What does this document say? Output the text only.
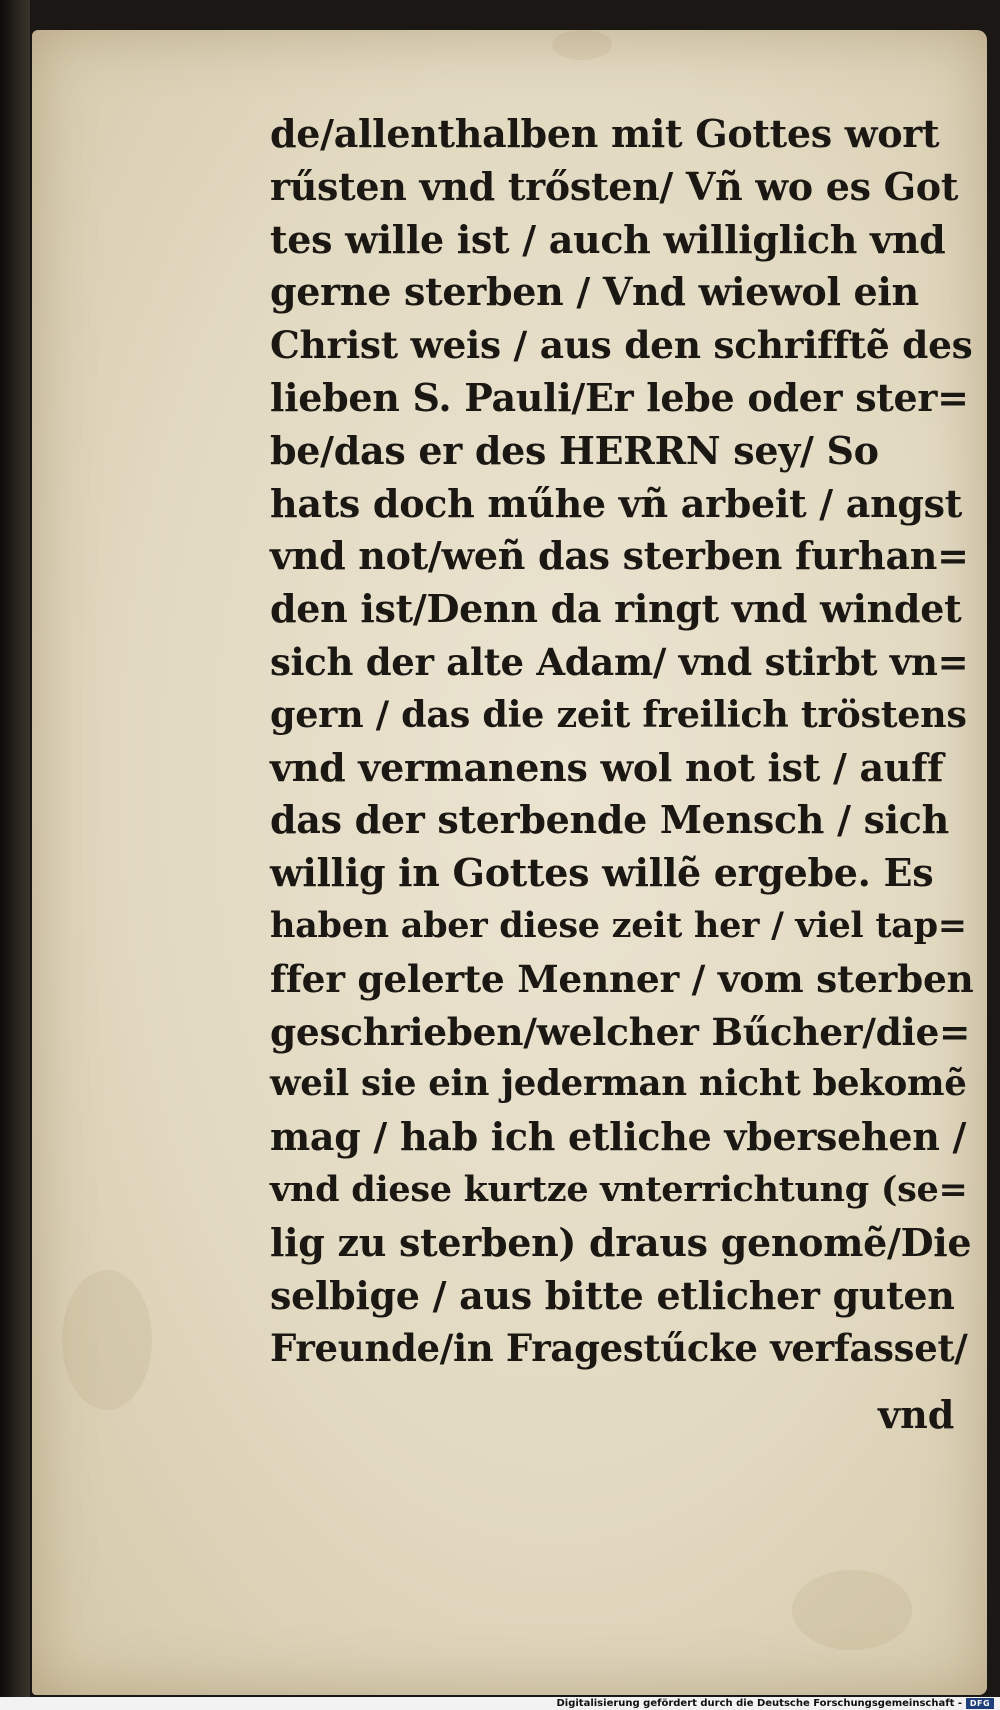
de/allenthalben mit Gottes wort
rűsten vnd trősten/ Vñ wo es Got
tes wille ist / auch williglich vnd
gerne sterben / Vnd wiewol ein
Christ weis / aus den schrifftẽ des
lieben S. Pauli/Er lebe oder ster=
be/das er des HERRN sey/ So
hats doch műhe vñ arbeit / angst
vnd not/weñ das sterben furhan=
den ist/Denn da ringt vnd windet
sich der alte Adam/ vnd stirbt vn=
gern / das die zeit freilich tröstens
vnd vermanens wol not ist / auff
das der sterbende Mensch / sich
willig in Gottes willẽ ergebe. Es
haben aber diese zeit her / viel tap=
ffer gelerte Menner / vom sterben
geschrieben/welcher Bűcher/die=
weil sie ein jederman nicht bekomẽ
mag / hab ich etliche vbersehen /
vnd diese kurtze vnterrichtung (se=
lig zu sterben) draus genomẽ/Die
selbige / aus bitte etlicher guten
Freunde/in Fragestűcke verfasset/
vnd
Digitalisierung gefördert durch die Deutsche Forschungsgemeinschaft - DFG
